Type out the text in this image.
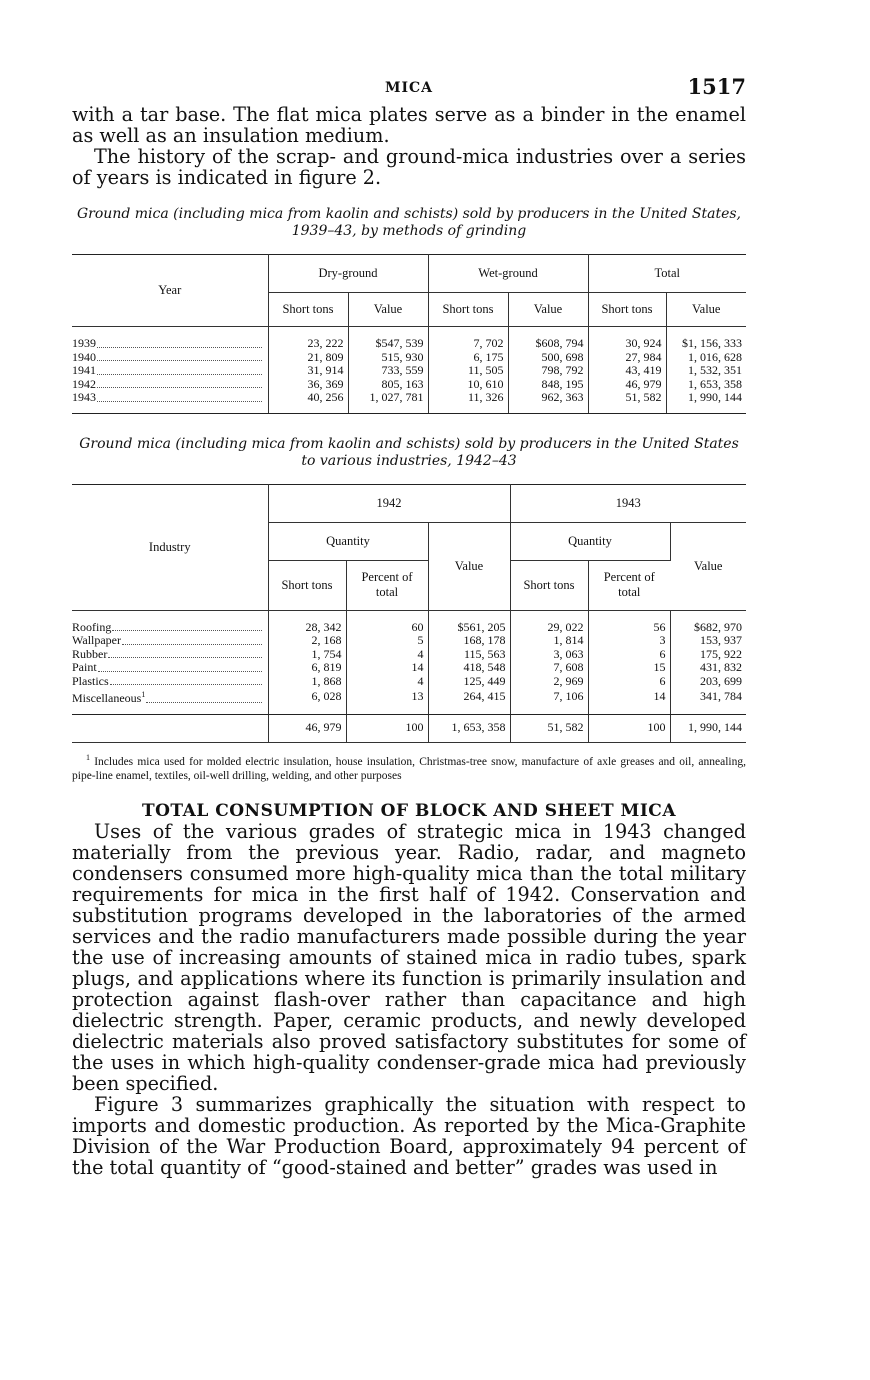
MICA	1517

with a tar base. The flat mica plates serve as a binder in the enamel as well as an insulation medium.

The history of the scrap- and ground-mica industries over a series of years is indicated in figure 2.

Ground mica (including mica from kaolin and schists) sold by producers in the United States, 1939–43, by methods of grinding

Year	Dry-ground		Wet-ground		Total	
	Short tons	Value	Short tons	Value	Short tons	Value

1939	23, 222	$547, 539	7, 702	$608, 794	30, 924	$1, 156, 333

1940	21, 809	515, 930	6, 175	500, 698	27, 984	1, 016, 628

1941	31, 914	733, 559	11, 505	798, 792	43, 419	1, 532, 351

1942	36, 369	805, 163	10, 610	848, 195	46, 979	1, 653, 358

1943	40, 256	1, 027, 781	11, 326	962, 363	51, 582	1, 990, 144

Ground mica (including mica from kaolin and schists) sold by producers in the United States to various industries, 1942–43

Industry	1942			1943		
	Quantity		Value	Quantity		Value
	Short tons	Percent of total		Short tons	Percent of total	

Roofing	28, 342	60	$561, 205	29, 022	56	$682, 970

Wallpaper	2, 168	5	168, 178	1, 814	3	153, 937

Rubber	1, 754	4	115, 563	3, 063	6	175, 922

Paint	6, 819	14	418, 548	7, 608	15	431, 832

Plastics	1, 868	4	125, 449	2, 969	6	203, 699

Miscellaneous$^1$	6, 028	13	264, 415	7, 106	14	341, 784
	46, 979	100	1, 653, 358	51, 582	100	1, 990, 144
$^1$ Includes mica used for molded electric insulation, house insulation, Christmas-tree snow, manufacture of axle greases and oil, annealing, pipe-line enamel, textiles, oil-well drilling, welding, and other purposes
TOTAL CONSUMPTION OF BLOCK AND SHEET MICA

Uses of the various grades of strategic mica in 1943 changed materially from the previous year. Radio, radar, and magneto condensers consumed more high-quality mica than the total military requirements for mica in the first half of 1942. Conservation and substitution programs developed in the laboratories of the armed services and the radio manufacturers made possible during the year the use of increasing amounts of stained mica in radio tubes, spark plugs, and applications where its function is primarily insulation and protection against flash-over rather than capacitance and high dielectric strength. Paper, ceramic products, and newly developed dielectric materials also proved satisfactory substitutes for some of the uses in which high-quality condenser-grade mica had previously been specified.

Figure 3 summarizes graphically the situation with respect to imports and domestic production. As reported by the Mica-Graphite Division of the War Production Board, approximately 94 percent of the total quantity of “good-stained and better” grades was used in
